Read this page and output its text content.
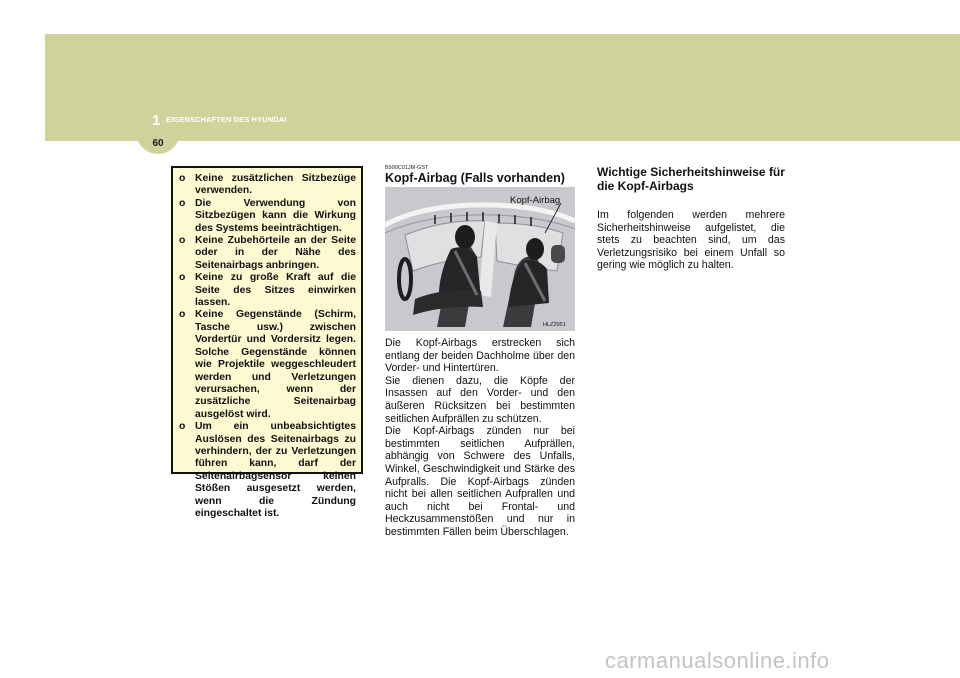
60
1 EIGENSCHAFTEN DES HYUNDAI
o Keine zusätzlichen Sitzbezüge verwenden.
o Die Verwendung von Sitzbezügen kann die Wirkung des Systems beeinträchtigen.
o Keine Zubehörteile an der Seite oder in der Nähe des Seitenairbags anbringen.
o Keine zu große Kraft auf die Seite des Sitzes einwirken lassen.
o Keine Gegenstände (Schirm, Tasche usw.) zwischen Vordertür und Vordersitz legen. Solche Gegenstände können wie Projektile weggeschleudert werden und Verletzungen verursachen, wenn der zusätzliche Seitenairbag ausgelöst wird.
o Um ein unbeabsichtigtes Auslösen des Seitenairbags zu verhindern, der zu Verletzungen führen kann, darf der Seitenairbagsensor keinen Stößen ausgesetzt werden, wenn die Zündung eingeschaltet ist.
B990C01JM-GST
Kopf-Airbag (Falls vorhanden)
Kopf-Airbag
HLZ2051

Die Kopf-Airbags erstrecken sich entlang der beiden Dachholme über den Vorder- und Hintertüren.

Sie dienen dazu, die Köpfe der Insassen auf den Vorder- und den äußeren Rücksitzen bei bestimmten seitlichen Aufprällen zu schützen.

Die Kopf-Airbags zünden nur bei bestimmten seitlichen Aufprällen, abhängig von Schwere des Unfalls, Winkel, Geschwindigkeit und Stärke des Aufpralls. Die Kopf-Airbags zünden nicht bei allen seitlichen Aufprallen und auch nicht bei Frontal- und Heckzusammenstößen und nur in bestimmten Fällen beim Überschlagen.

Wichtige Sicherheitshinweise für die Kopf-Airbags
Im folgenden werden mehrere Sicherheitshinweise aufgelistet, die stets zu beachten sind, um das Verletzungsrisiko bei einem Unfall so gering wie möglich zu halten.
carmanualsonline.info
